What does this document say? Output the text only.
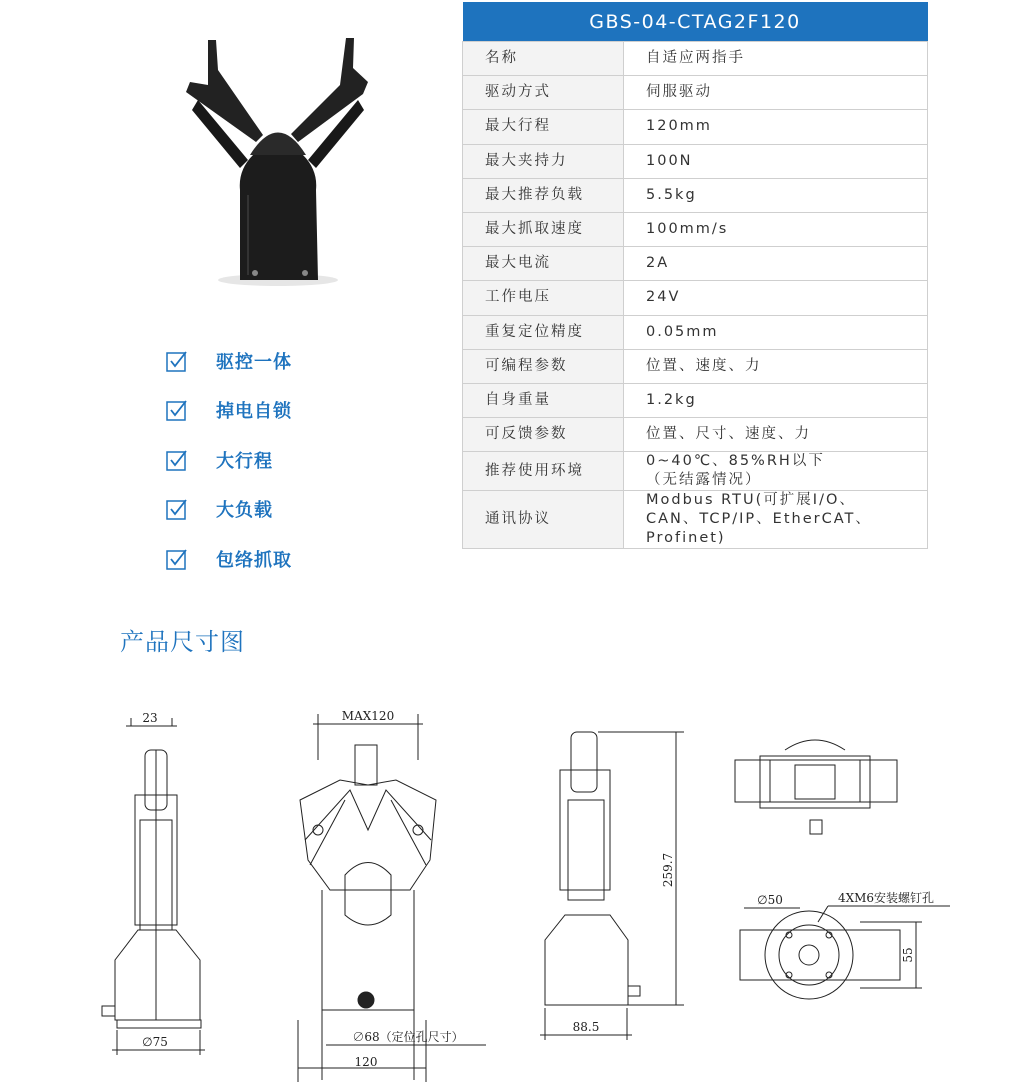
驱控一体
掉电自锁
大行程
大负载
包络抓取
GBS-04-CTAG2F120	
名称	自适应两指手

驱动方式	伺服驱动

最大行程	120mm

最大夹持力	100N

最大推荐负载	5.5kg

最大抓取速度	100mm/s

最大电流	2A

工作电压	24V

重复定位精度	0.05mm

可编程参数	位置、速度、力

自身重量	1.2kg

可反馈参数	位置、尺寸、速度、力

推荐使用环境	0~40℃、85%RH以下
（无结露情况）

通讯协议	Modbus RTU(可扩展I/O、
CAN、TCP/IP、EtherCAT、
Profinet)
产品尺寸图
23
∅75
MAX120
∅68（定位孔尺寸）
120
259.7
88.5
∅50	4XM6安装螺钉孔
55
